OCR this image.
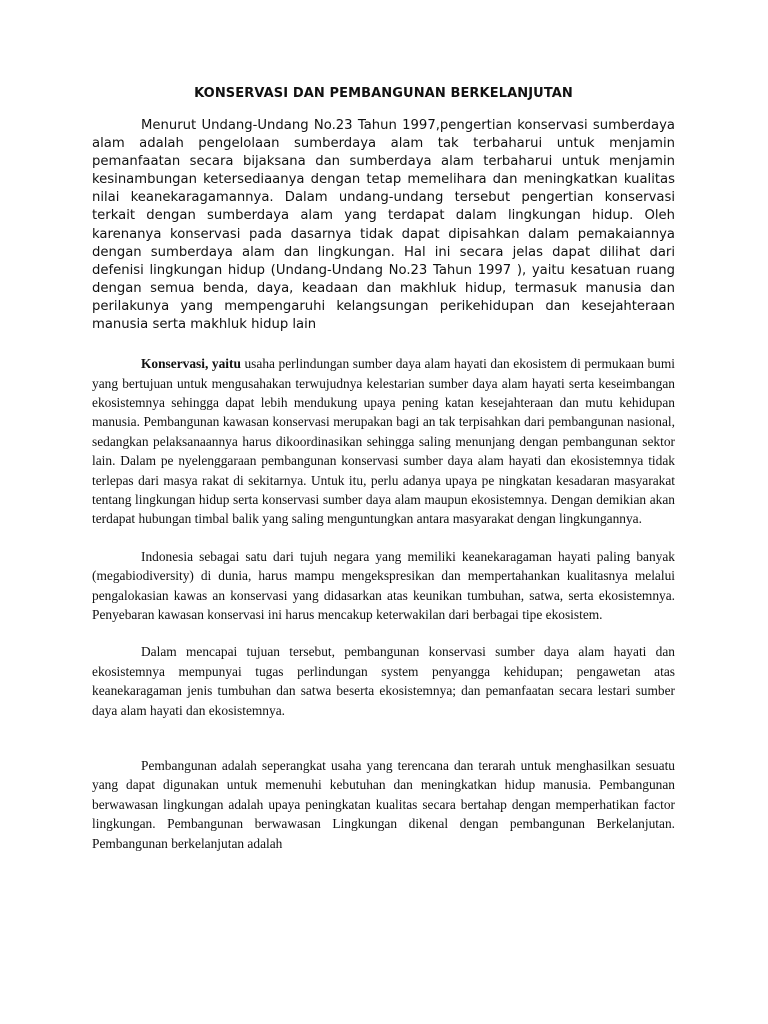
KONSERVASI DAN PEMBANGUNAN BERKELANJUTAN

Menurut Undang-Undang No.23 Tahun 1997,pengertian konservasi sumberdaya alam adalah pengelolaan sumberdaya alam tak terbaharui untuk menjamin pemanfaatan secara bijaksana dan sumberdaya alam terbaharui untuk menjamin kesinambungan ketersediaanya dengan tetap memelihara dan meningkatkan kualitas nilai keanekaragamannya. Dalam undang-undang tersebut pengertian konservasi terkait dengan sumberdaya alam yang terdapat dalam lingkungan hidup. Oleh karenanya konservasi pada dasarnya tidak dapat dipisahkan dalam pemakaiannya dengan sumberdaya alam dan lingkungan. Hal ini secara jelas dapat dilihat dari defenisi lingkungan hidup (Undang-Undang No.23 Tahun 1997 ), yaitu kesatuan ruang dengan semua benda, daya, keadaan dan makhluk hidup, termasuk manusia dan perilakunya yang mempengaruhi kelangsungan perikehidupan dan kesejahteraan manusia serta makhluk hidup lain

Konservasi, yaitu usaha perlindungan sumber daya alam hayati dan ekosistem di permukaan bumi yang bertujuan untuk mengusahakan terwujudnya kelestarian sumber daya alam hayati serta keseimbangan ekosistemnya sehingga dapat lebih mendukung upaya pening katan kesejahteraan dan mutu kehidupan manusia. Pembangunan kawasan konservasi merupakan bagi an tak terpisahkan dari pembangunan nasional, sedangkan pelaksanaannya harus dikoordinasikan sehingga saling menunjang dengan pembangunan sektor lain. Dalam pe nyelenggaraan pembangunan konservasi sumber daya alam hayati dan ekosistemnya tidak terlepas dari masya rakat di sekitarnya. Untuk itu, perlu adanya upaya pe ningkatan kesadaran masyarakat tentang lingkungan hidup serta konservasi sumber daya alam maupun ekosistemnya. Dengan demikian akan terdapat hubungan timbal balik yang saling menguntungkan antara masyarakat dengan lingkungannya.

Indonesia sebagai satu dari tujuh negara yang memiliki keanekaragaman hayati paling banyak (megabiodiversity) di dunia, harus mampu mengekspresikan dan mempertahankan kualitasnya melalui pengalokasian kawas an konservasi yang didasarkan atas keunikan tumbuhan, satwa, serta ekosistemnya. Penyebaran kawasan konservasi ini harus mencakup keterwakilan dari berbagai tipe ekosistem.

Dalam mencapai tujuan tersebut, pembangunan konservasi sumber daya alam hayati dan ekosistemnya mempunyai tugas perlindungan system penyangga kehidupan; pengawetan atas keanekaragaman jenis tumbuhan dan satwa beserta ekosistemnya; dan pemanfaatan secara lestari sumber daya alam hayati dan ekosistemnya.

Pembangunan adalah seperangkat usaha yang terencana dan terarah untuk menghasilkan sesuatu yang dapat digunakan untuk memenuhi kebutuhan dan meningkatkan hidup manusia. Pembangunan berwawasan lingkungan adalah upaya peningkatan kualitas secara bertahap dengan memperhatikan factor lingkungan. Pembangunan berwawasan Lingkungan dikenal dengan pembangunan Berkelanjutan. Pembangunan berkelanjutan adalah
